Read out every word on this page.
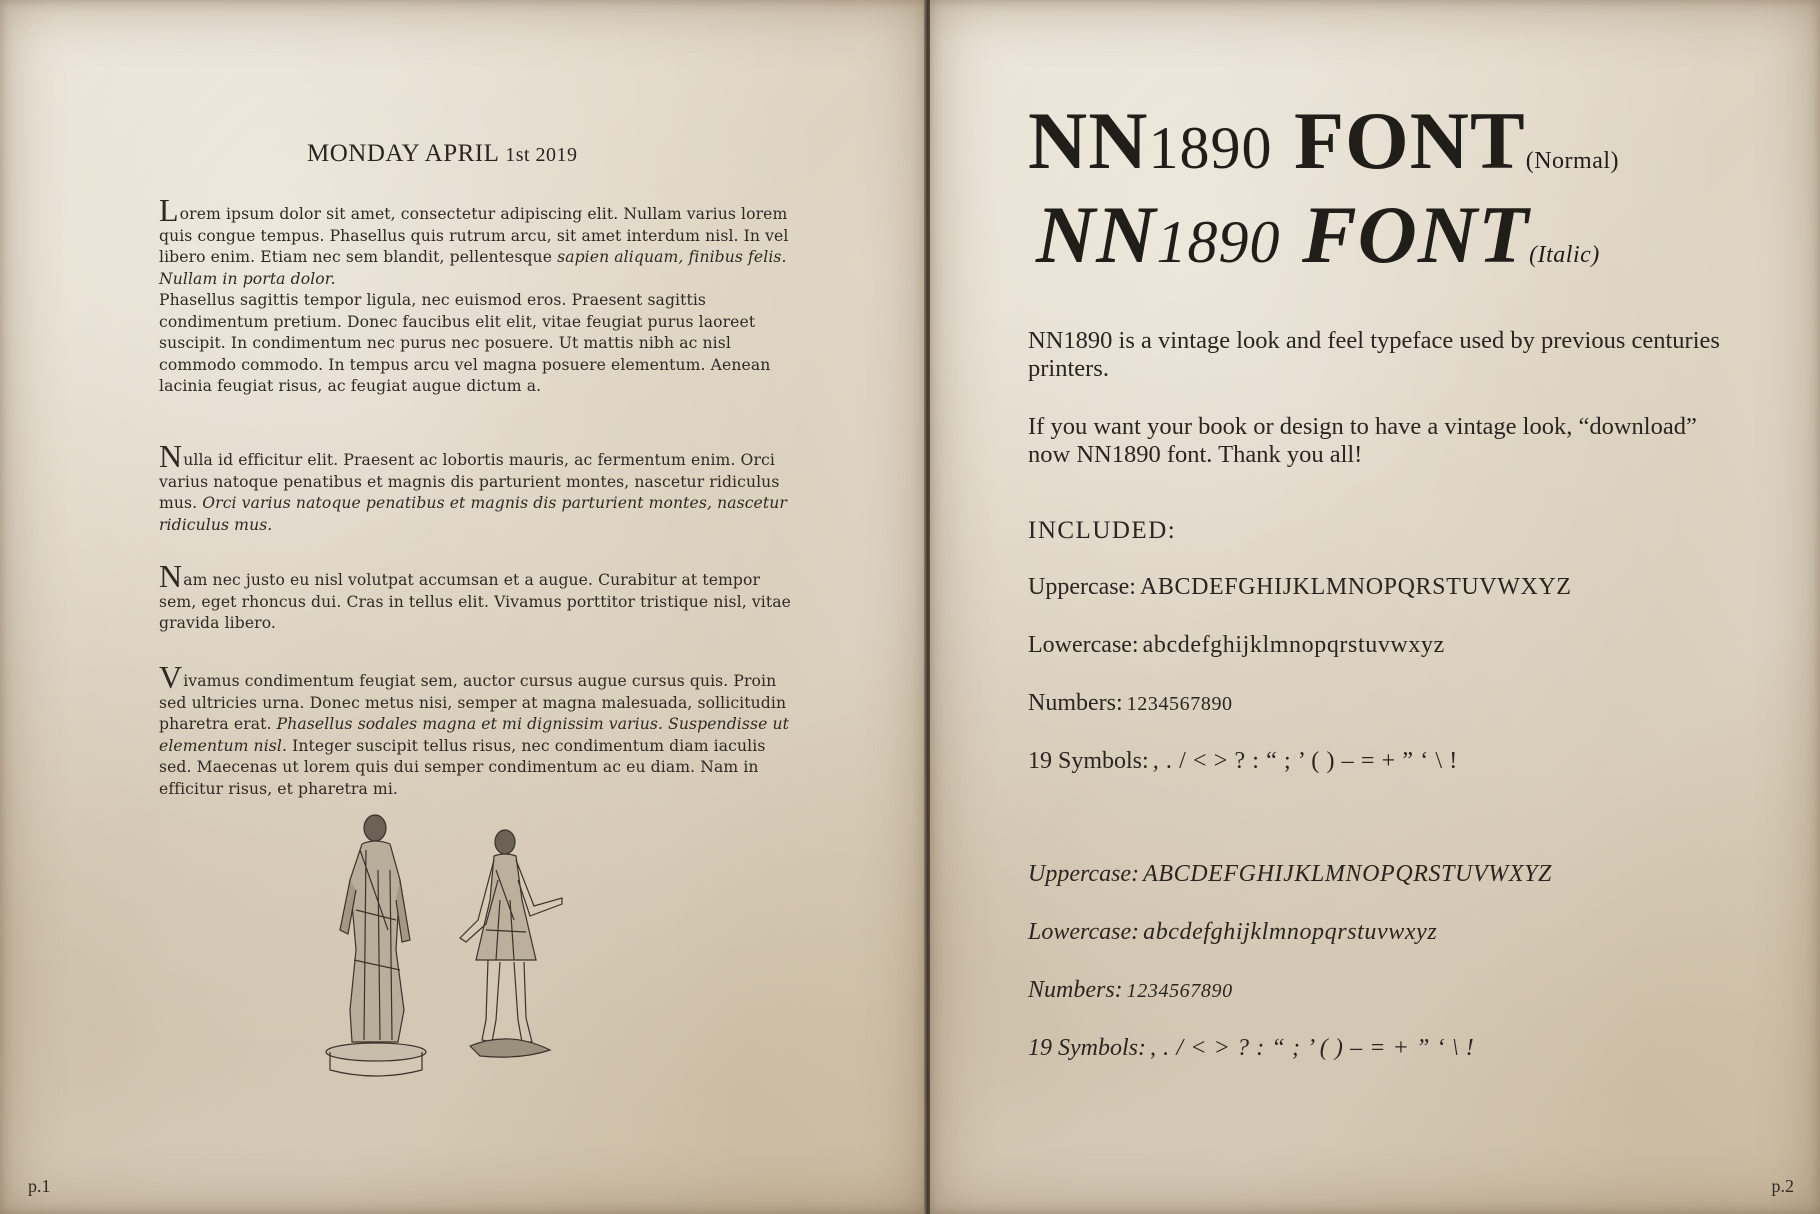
MONDAY APRIL 1st 2019
Lorem ipsum dolor sit amet, consectetur adipiscing elit. Nullam varius lorem quis congue tempus. Phasellus quis rutrum arcu, sit amet interdum nisl. In vel libero enim. Etiam nec sem blandit, pellentesque sapien aliquam, finibus felis. Nullam in porta dolor.
Phasellus sagittis tempor ligula, nec euismod eros. Praesent sagittis condimentum pretium. Donec faucibus elit elit, vitae feugiat purus laoreet suscipit. In condimentum nec purus nec posuere. Ut mattis nibh ac nisl commodo commodo. In tempus arcu vel magna posuere elementum. Aenean lacinia feugiat risus, ac feugiat augue dictum a.
Nulla id efficitur elit. Praesent ac lobortis mauris, ac fermentum enim. Orci varius natoque penatibus et magnis dis parturient montes, nascetur ridiculus mus. Orci varius natoque penatibus et magnis dis parturient montes, nascetur ridiculus mus.
Nam nec justo eu nisl volutpat accumsan et a augue. Curabitur at tempor sem, eget rhoncus dui. Cras in tellus elit. Vivamus porttitor tristique nisl, vitae gravida libero.
Vivamus condimentum feugiat sem, auctor cursus augue cursus quis. Proin sed ultricies urna. Donec metus nisi, semper at magna malesuada, sollicitudin pharetra erat. Phasellus sodales magna et mi dignissim varius. Suspendisse ut elementum nisl. Integer suscipit tellus risus, nec condimentum diam iaculis sed. Maecenas ut lorem quis dui semper condimentum ac eu diam. Nam in efficitur risus, et pharetra mi.
p.1
NN1890 FONT(Normal)
NN1890 FONT(Italic)
NN1890 is a vintage look and feel typeface used by previous centuries printers.
If you want your book or design to have a vintage look, “download” now NN1890 font. Thank you all!
INCLUDED:
Uppercase: ABCDEFGHIJKLMNOPQRSTUVWXYZ
Lowercase: abcdefghijklmnopqrstuvwxyz
Numbers: 1234567890
19 Symbols: , . / < > ? : “ ; ’ ( ) – = + ” ‘ \ !
Uppercase: ABCDEFGHIJKLMNOPQRSTUVWXYZ
Lowercase: abcdefghijklmnopqrstuvwxyz
Numbers: 1234567890
19 Symbols: , . / < > ? : “ ; ’ ( ) – = + ” ‘ \ !
p.2
